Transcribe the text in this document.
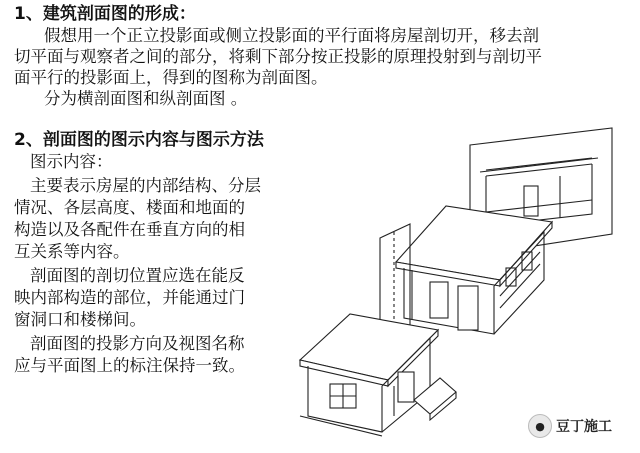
1、建筑剖面图的形成：
假想用一个正立投影面或侧立投影面的平行面将房屋剖切开，移去剖
切平面与观察者之间的部分，将剩下部分按正投影的原理投射到与剖切平
面平行的投影面上，得到的图称为剖面图。
分为横剖面图和纵剖面图 。
2、剖面图的图示内容与图示方法
图示内容：
主要表示房屋的内部结构、分层
情况、各层高度、楼面和地面的
构造以及各配件在垂直方向的相
互关系等内容。
剖面图的剖切位置应选在能反
映内部构造的部位，并能通过门
窗洞口和楼梯间。
剖面图的投影方向及视图名称
应与平面图上的标注保持一致。
● 豆丁施工
